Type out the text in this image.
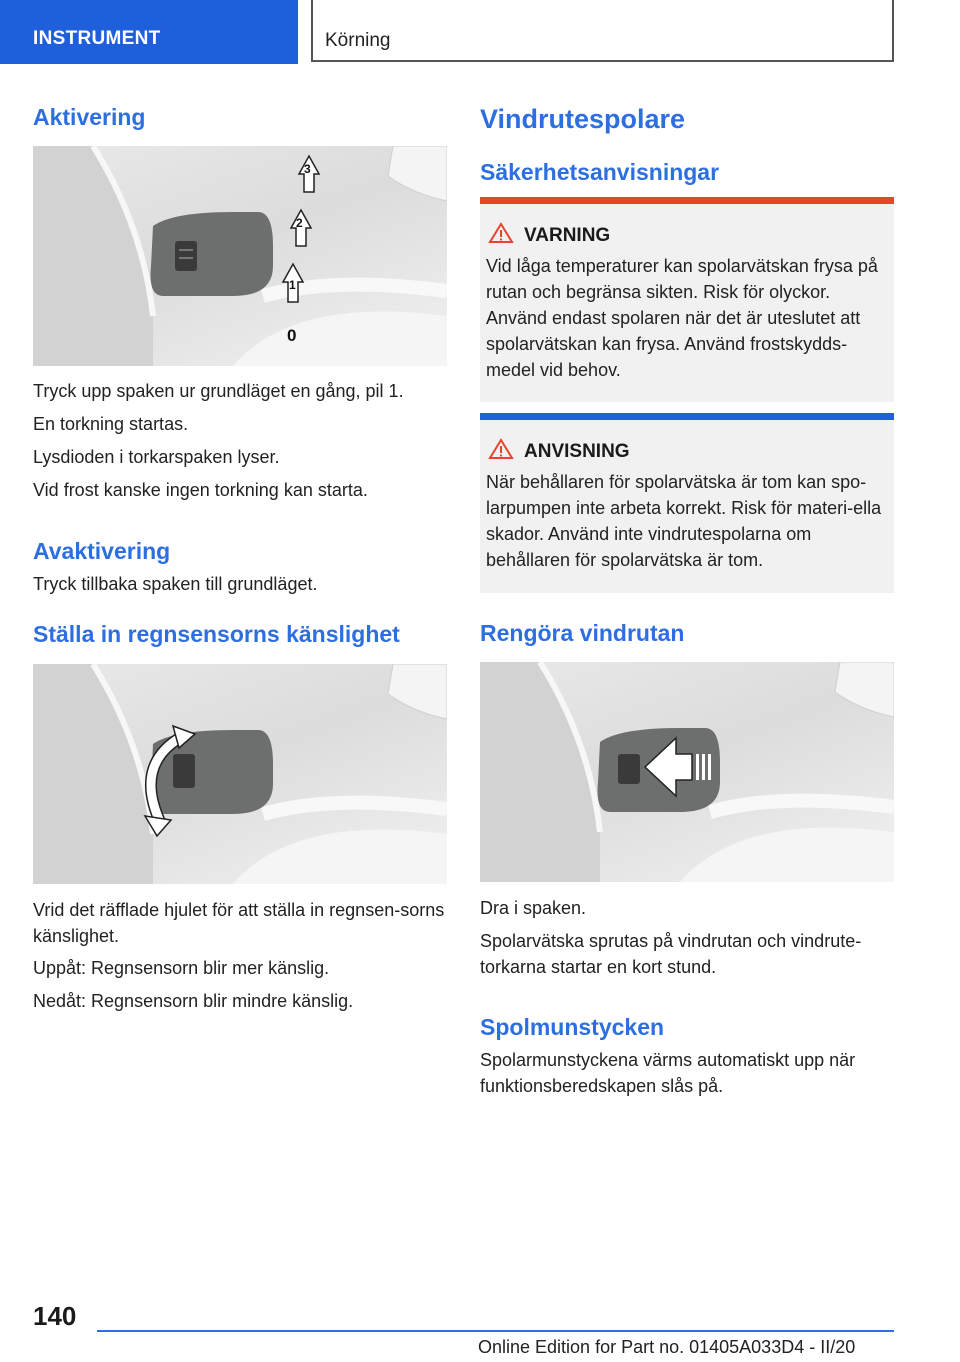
INSTRUMENT	Körning
Aktivering
3
2
1
0

Tryck upp spaken ur grundläget en gång, pil 1.

En torkning startas.

Lysdioden i torkarspaken lyser.

Vid frost kanske ingen torkning kan starta.

Avaktivering

Tryck tillbaka spaken till grundläget.

Ställa in regnsensorns känslighet

Vrid det räfflade hjulet för att ställa in regnsen-sorns känslighet.

Uppåt: Regnsensorn blir mer känslig.

Nedåt: Regnsensorn blir mindre känslig.

Vindrutespolare
Säkerhetsanvisningar
VARNING

Vid låga temperaturer kan spolarvätskan frysa på rutan och begränsa sikten. Risk för olyckor. Använd endast spolaren när det är uteslutet att spolarvätskan kan frysa. Använd frostskydds-medel vid behov.

ANVISNING

När behållaren för spolarvätska är tom kan spo-larpumpen inte arbeta korrekt. Risk för materi-ella skador. Använd inte vindrutespolarna om behållaren för spolarvätska är tom.

Rengöra vindrutan

Dra i spaken.

Spolarvätska sprutas på vindrutan och vindrute-torkarna startar en kort stund.

Spolmunstycken

Spolarmunstyckena värms automatiskt upp när funktionsberedskapen slås på.

140
Online Edition for Part no. 01405A033D4 - II/20
